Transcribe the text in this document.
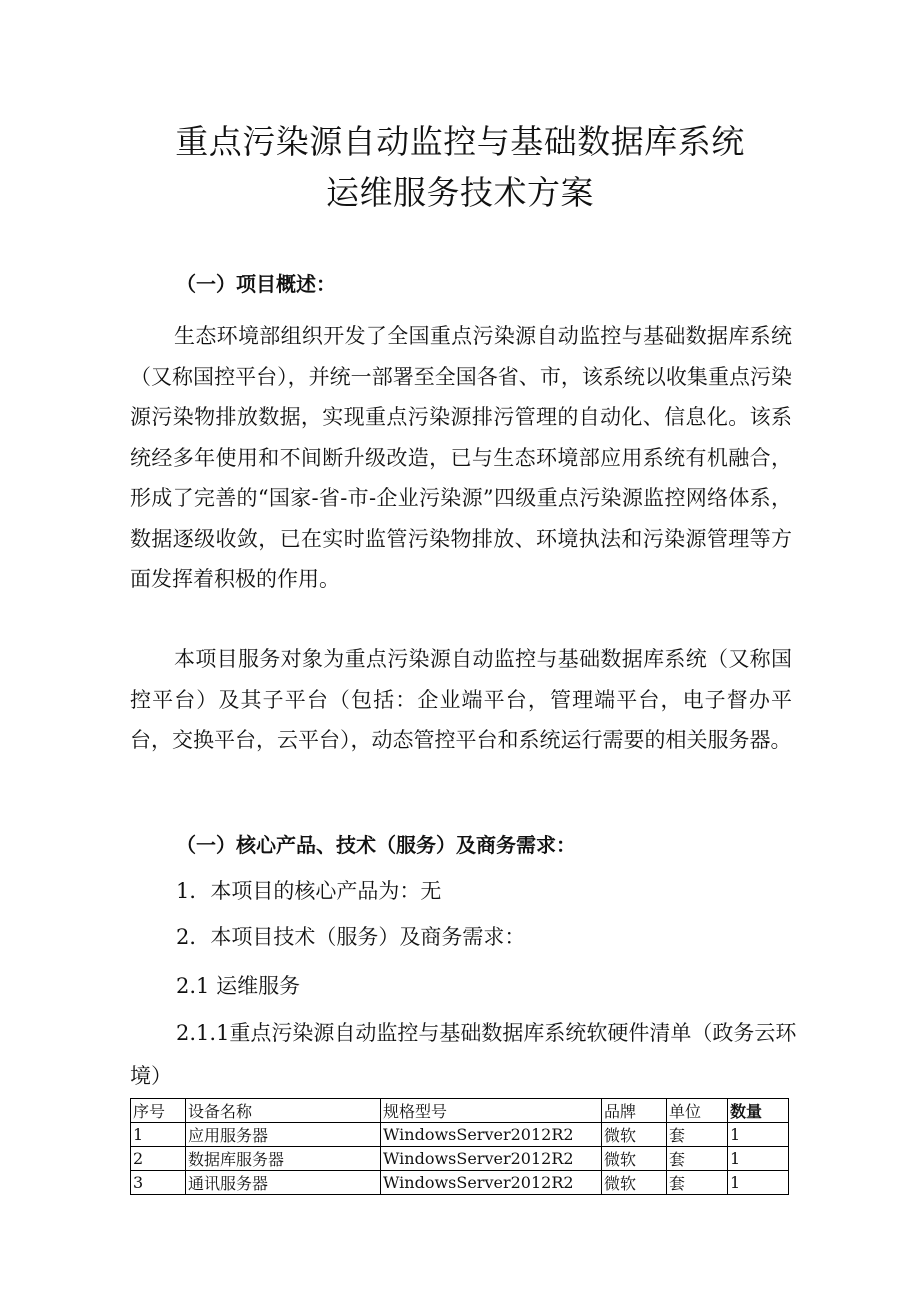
重点污染源自动监控与基础数据库系统
运维服务技术方案

（一）项目概述：

生态环境部组织开发了全国重点污染源自动监控与基础数据库系统（又称国控平台），并统一部署至全国各省、市，该系统以收集重点污染源污染物排放数据，实现重点污染源排污管理的自动化、信息化。该系统经多年使用和不间断升级改造，已与生态环境部应用系统有机融合，形成了完善的“国家-省-市-企业污染源”四级重点污染源监控网络体系，数据逐级收敛，已在实时监管污染物排放、环境执法和污染源管理等方面发挥着积极的作用。

本项目服务对象为重点污染源自动监控与基础数据库系统（又称国控平台）及其子平台（包括：企业端平台，管理端平台，电子督办平台，交换平台，云平台），动态管控平台和系统运行需要的相关服务器。

（一）核心产品、技术（服务）及商务需求：

1．本项目的核心产品为：无

2．本项目技术（服务）及商务需求：

2.1 运维服务

2.1.1重点污染源自动监控与基础数据库系统软硬件清单（政务云环境）

序号	设备名称	规格型号	品牌	单位	数量
1	应用服务器	WindowsServer2012R2	微软	套	1
2	数据库服务器	WindowsServer2012R2	微软	套	1
3	通讯服务器	WindowsServer2012R2	微软	套	1
